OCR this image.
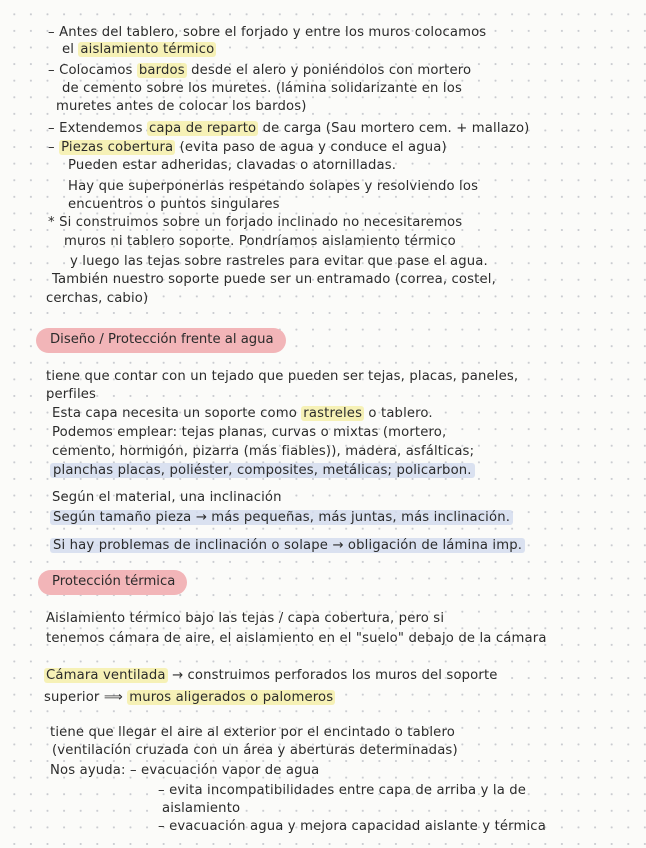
– Antes del tablero, sobre el forjado y entre los muros colocamos
el aislamiento térmico
– Colocamos bardos desde el alero y poniéndolos con mortero
de cemento sobre los muretes. (lámina solidarizante en los
muretes antes de colocar los bardos)
– Extendemos capa de reparto de carga (Sau mortero cem. + mallazo)
– Piezas cobertura (evita paso de agua y conduce el agua)
Pueden estar adheridas, clavadas o atornilladas.
Hay que superponerlas respetando solapes y resolviendo los
encuentros o puntos singulares
* Si construimos sobre un forjado inclinado no necesitaremos
muros ni tablero soporte. Pondríamos aislamiento térmico
y luego las tejas sobre rastreles para evitar que pase el agua.
También nuestro soporte puede ser un entramado (correa, costel,
cerchas, cabio)
Diseño / Protección frente al agua
tiene que contar con un tejado que pueden ser tejas, placas, paneles,
perfiles
Esta capa necesita un soporte como rastreles o tablero.
Podemos emplear: tejas planas, curvas o mixtas (mortero,
cemento, hormigón, pizarra (más fiables)), madera, asfálticas;
planchas placas, poliéster, composites, metálicas; policarbon.
Según el material, una inclinación
Según tamaño pieza → más pequeñas, más juntas, más inclinación.
Si hay problemas de inclinación o solape → obligación de lámina imp.
Protección térmica
Aislamiento térmico bajo las tejas / capa cobertura, pero si
tenemos cámara de aire, el aislamiento en el "suelo" debajo de la cámara
Cámara ventilada → construimos perforados los muros del soporte
superior ⟹ muros aligerados o palomeros
tiene que llegar el aire al exterior por el encintado o tablero
(ventilación cruzada con un área y aberturas determinadas)
Nos ayuda: – evacuación vapor de agua
– evita incompatibilidades entre capa de arriba y la de
aislamiento
– evacuación agua y mejora capacidad aislante y térmica
